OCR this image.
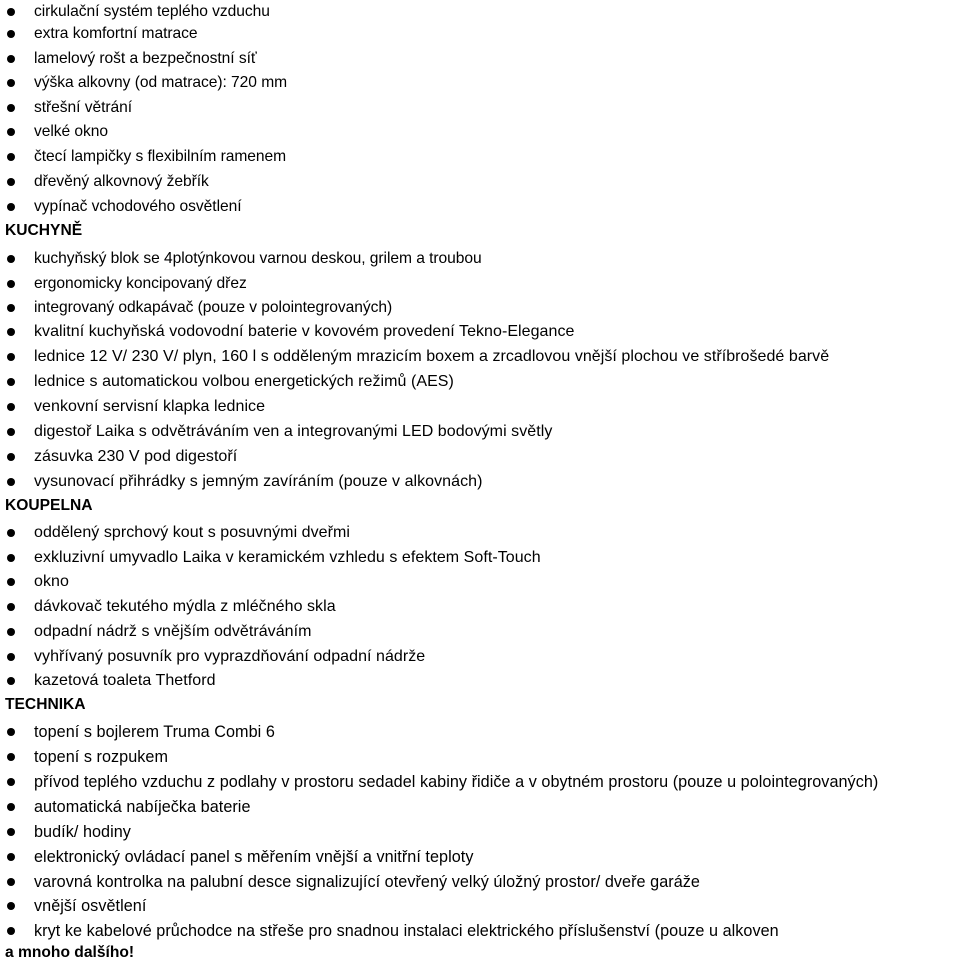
cirkulační systém teplého vzduchu
extra komfortní matrace
lamelový rošt a bezpečnostní síť
výška alkovny (od matrace): 720 mm
střešní větrání
velké okno
čtecí lampičky s flexibilním ramenem
dřevěný alkovnový žebřík
vypínač vchodového osvětlení
KUCHYNĚ
kuchyňský blok se 4plotýnkovou varnou deskou, grilem a troubou
ergonomicky koncipovaný dřez
integrovaný odkapávač (pouze v polointegrovaných)
kvalitní kuchyňská vodovodní baterie v kovovém provedení Tekno-Elegance
lednice 12 V/ 230 V/ plyn, 160 l s odděleným mrazicím boxem a zrcadlovou vnější plochou ve stříbrošedé barvě
lednice s automatickou volbou energetických režimů (AES)
venkovní servisní klapka lednice
digestoř Laika s odvětráváním ven a integrovanými LED bodovými světly
zásuvka 230 V pod digestoří
vysunovací přihrádky s jemným zavíráním (pouze v alkovnách)
KOUPELNA
oddělený sprchový kout s posuvnými dveřmi
exkluzivní umyvadlo Laika v keramickém vzhledu s efektem Soft-Touch
okno
dávkovač tekutého mýdla z mléčného skla
odpadní nádrž s vnějším odvětráváním
vyhřívaný posuvník pro vyprazdňování odpadní nádrže
kazetová toaleta Thetford
TECHNIKA
topení s bojlerem Truma Combi 6
topení s rozpukem
přívod teplého vzduchu z podlahy v prostoru sedadel kabiny řidiče a v obytném prostoru (pouze u polointegrovaných)
automatická nabíječka baterie
budík/ hodiny
elektronický ovládací panel s měřením vnější a vnitřní teploty
varovná kontrolka na palubní desce signalizující otevřený velký úložný prostor/ dveře garáže
vnější osvětlení
kryt ke kabelové průchodce na střeše pro snadnou instalaci elektrického příslušenství (pouze u alkoven
a mnoho dalšího!
